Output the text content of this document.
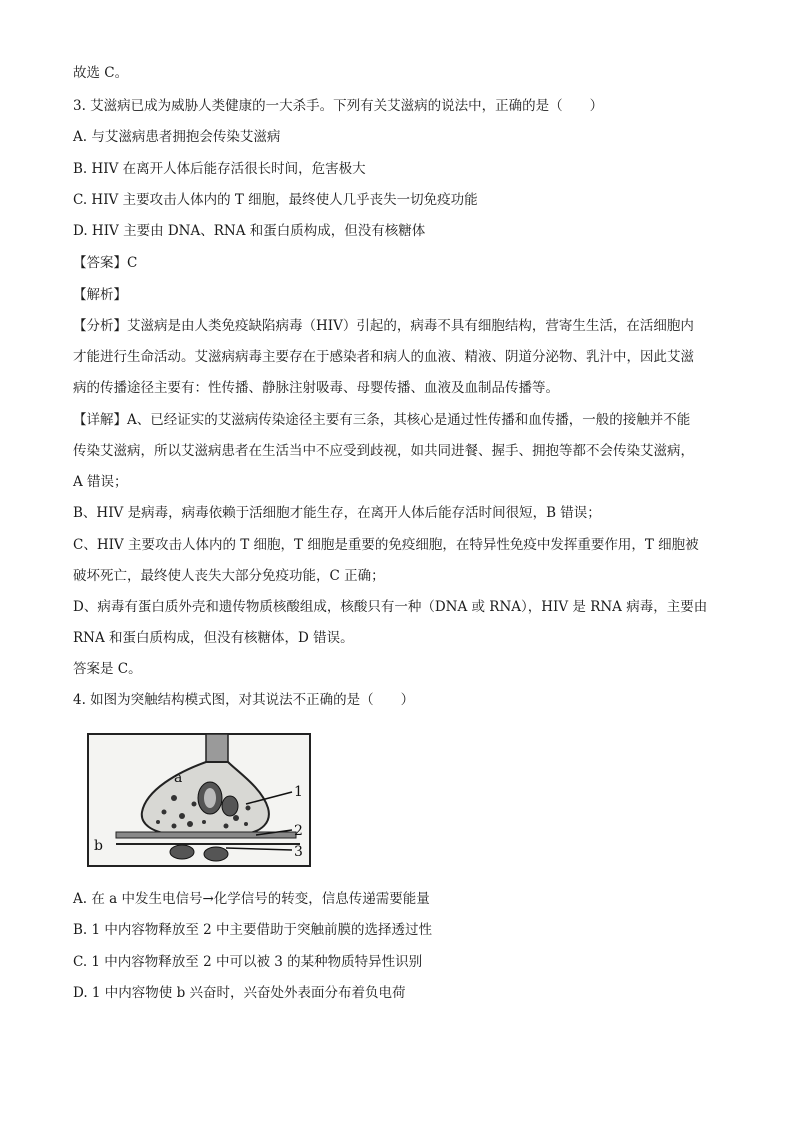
故选 C。
3. 艾滋病已成为威胁人类健康的一大杀手。下列有关艾滋病的说法中，正确的是（　　）
A. 与艾滋病患者拥抱会传染艾滋病
B. HIV 在离开人体后能存活很长时间，危害极大
C. HIV 主要攻击人体内的 T 细胞，最终使人几乎丧失一切免疫功能
D. HIV 主要由 DNA、RNA 和蛋白质构成，但没有核糖体
【答案】C
【解析】
【分析】艾滋病是由人类免疫缺陷病毒（HIV）引起的，病毒不具有细胞结构，营寄生生活，在活细胞内
才能进行生命活动。艾滋病病毒主要存在于感染者和病人的血液、精液、阴道分泌物、乳汁中，因此艾滋
病的传播途径主要有：性传播、静脉注射吸毒、母婴传播、血液及血制品传播等。
【详解】A、已经证实的艾滋病传染途径主要有三条，其核心是通过性传播和血传播，一般的接触并不能
传染艾滋病，所以艾滋病患者在生活当中不应受到歧视，如共同进餐、握手、拥抱等都不会传染艾滋病，
A 错误；
B、HIV 是病毒，病毒依赖于活细胞才能生存，在离开人体后能存活时间很短，B 错误；
C、HIV 主要攻击人体内的 T 细胞，T 细胞是重要的免疫细胞，在特异性免疫中发挥重要作用，T 细胞被
破坏死亡，最终使人丧失大部分免疫功能，C 正确；
D、病毒有蛋白质外壳和遗传物质核酸组成，核酸只有一种（DNA 或 RNA），HIV 是 RNA 病毒，主要由
RNA 和蛋白质构成，但没有核糖体，D 错误。
答案是 C。
4. 如图为突触结构模式图，对其说法不正确的是（　　）
a
b
1
2
3
A. 在 a 中发生电信号→化学信号的转变，信息传递需要能量
B. 1 中内容物释放至 2 中主要借助于突触前膜的选择透过性
C. 1 中内容物释放至 2 中可以被 3 的某种物质特异性识别
D. 1 中内容物使 b 兴奋时，兴奋处外表面分布着负电荷
